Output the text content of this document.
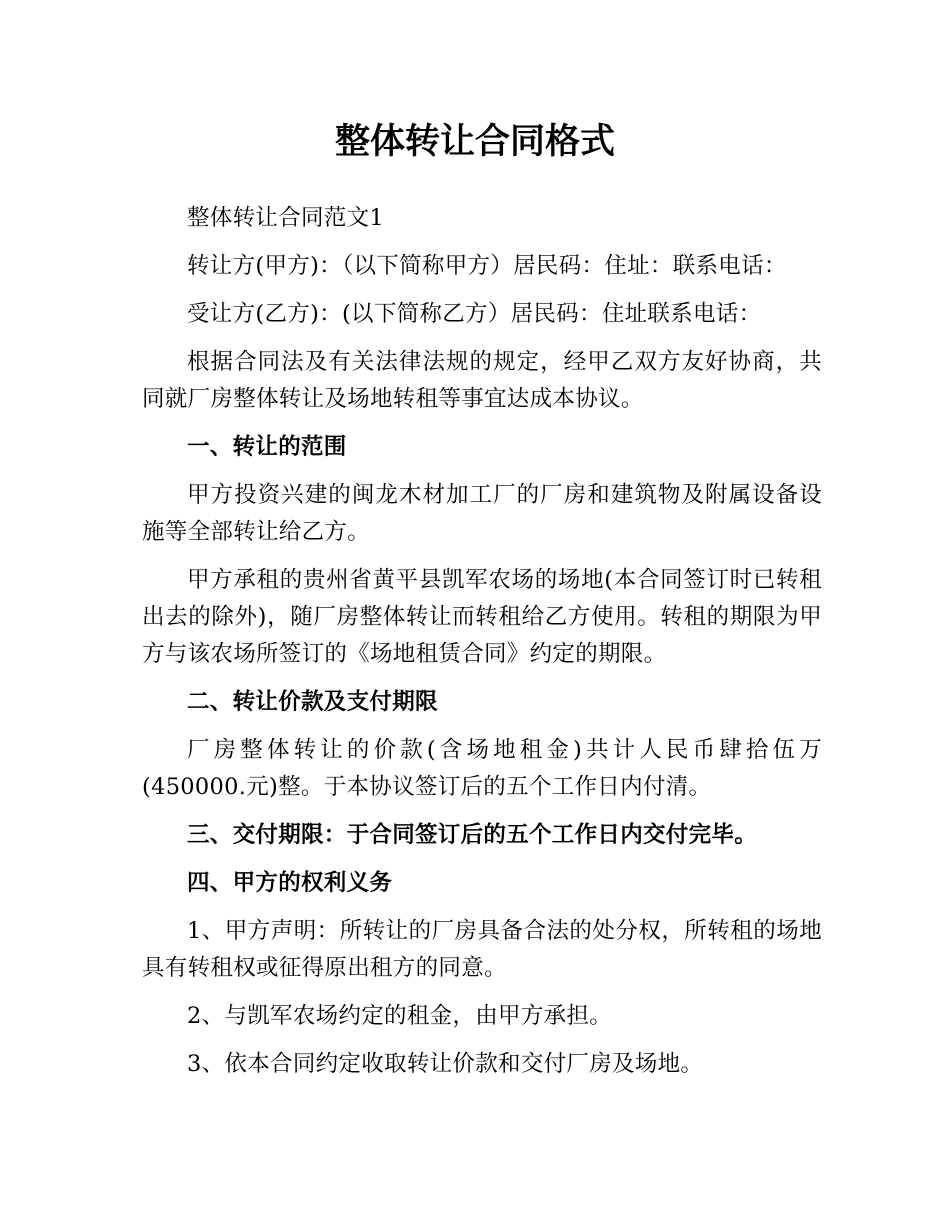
整体转让合同格式

整体转让合同范文1

转让方(甲方)：（以下简称甲方）居民码：住址：联系电话：

受让方(乙方)：(以下简称乙方）居民码：住址联系电话：

根据合同法及有关法律法规的规定，经甲乙双方友好协商，共同就厂房整体转让及场地转租等事宜达成本协议。

一、转让的范围

甲方投资兴建的闽龙木材加工厂的厂房和建筑物及附属设备设施等全部转让给乙方。

甲方承租的贵州省黄平县凯军农场的场地(本合同签订时已转租出去的除外)，随厂房整体转让而转租给乙方使用。转租的期限为甲方与该农场所签订的《场地租赁合同》约定的期限。

二、转让价款及支付期限

厂房整体转让的价款(含场地租金)共计人民币肆拾伍万(450000.元)整。于本协议签订后的五个工作日内付清。

三、交付期限：于合同签订后的五个工作日内交付完毕。

四、甲方的权利义务

1、甲方声明：所转让的厂房具备合法的处分权，所转租的场地具有转租权或征得原出租方的同意。

2、与凯军农场约定的租金，由甲方承担。

3、依本合同约定收取转让价款和交付厂房及场地。
